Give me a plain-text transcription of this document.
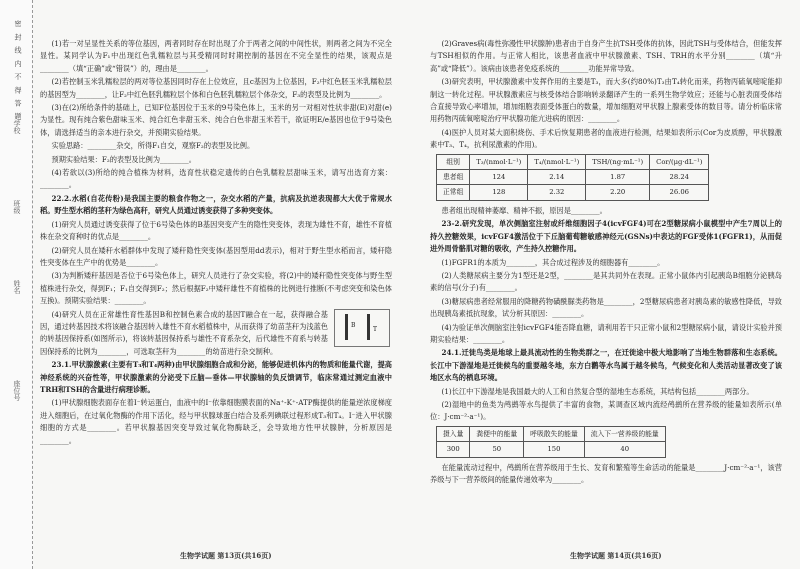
密 封 线 内 不 得 答 题
学校
班级
姓名
座位号

(1)若一对呈显性关系的等位基因，两者同时存在时出现了介于两者之间的中间性状，则两者之间为不完全显性。某同学认为F₁中出现红色乳糯粒层与其受精同时时期控制的基因在不完全显性的结果，该观点是________（填“正确”或“错误”）的，理由是________。

(2)若控制玉米乳糯粒层的两对等位基因同时存在上位效应，且c基因为上位基因，F₂中红色胚玉米乳糯粒层的基因型为________，让F₂中红色胚乳糯粒层个体和白色胚乳糯粒层个体杂交，F₃的表型及比例为________。

(3)在(2)所给条件的基础上，已知F位基因位于玉米的9号染色体上，玉米的另一对相对性状非甜(E)对甜(e)为显性。现有纯合紫色甜味玉米、纯合红色非甜玉米、纯合白色非甜玉米若干，欲证明E/e基因也位于9号染色体，请选择适当的亲本进行杂交，并预期实验结果。

实验思路：________杂交，所得F₁自交，观察F₂的表型及比例。

预期实验结果：F₂的表型及比例为________。

(4)若欲以(3)所给的纯合植株为材料，选育性状稳定遗传的白色乳糯粒层甜味玉米，请写出选育方案：________。

22.2.水稻(自花传粉)是我国主要的粮食作物之一，杂交水稻的产量，抗病及抗逆表现都大大优于常规水稻。野生型水稻的茎秆为绿色高秆，研究人员通过诱变获得了多种突变体。

(1)研究人员通过诱变获得了位于6号染色体的B基因突变产生的隐性突变体，表现为雄性不育，雄性不育植株在杂交育种时的优点是________。

(2)研究人员在矮秆水稻群体中发现了矮秆隐性突变体(基因型用dd表示)，相对于野生型水稻而言，矮秆隐性突变体在生产中的优势是________。

(3)为判断矮秆基因是否位于6号染色体上，研究人员进行了杂交实验，将(2)中的矮秆隐性突变体与野生型植株进行杂交，得到F₁；F₁自交得到F₂；然后根据F₂中矮秆雄性不育植株的比例进行推断(不考虑突变和染色体互换)。预期实验结果：________。

B
T

(4)研究人员在正常雄性育性基因B和控制色素合成的基因T融合在一起，获得融合基因，通过转基因技术将该融合基因转入雄性不育水稻植株中，从而获得了幼苗茎秆为浅蓝色的转基因保持系(如图所示)，将该转基因保持系与雄性不育系杂交，后代雄性不育系与转基因保持系的比例为________，可选取茎秆为________的幼苗进行杂交制种。

23.1.甲状腺激素(主要有T₃和T₄两种)由甲状腺细胞合成和分泌，能够促进机体内的物质和能量代谢，提高神经系统的兴奋性等，甲状腺激素的分泌受下丘脑—垂体—甲状腺轴的负反馈调节，临床常通过测定血液中TRH和TSH的含量进行病理诊断。

(1)甲状腺细胞表面存在着I⁻转运蛋白，血液中的I⁻依靠细胞膜表面的Na⁺-K⁺-ATP酶提供的能量逆浓度梯度进入细胞后，在过氧化物酶的作用下活化，经与甲状腺球蛋白结合及系列碘联过程形成T₃和T₄。I⁻进入甲状腺细胞的方式是________。若甲状腺基因突变导致过氧化物酶缺乏，会导致地方性甲状腺肿，分析原因是________。

(2)Graves病(毒性弥漫性甲状腺肿)患者由于自身产生抗TSH受体的抗体，因此TSH与受体结合，但能发挥与TSH相似的作用。与正常人相比，该患者血液中甲状腺激素、TSH、TRH的水平分别________（填“升高”或“降低”）。该病由该患者免疫系统的________功能异常导致。

(3)研究表明，甲状腺激素中发挥作用的主要是T₃，而大多(约80%)T₃由T₄转化而来，药物丙硫氧嘧啶能抑制这一转化过程。甲状腺激素应与核受体结合影响转录翻译产生的一系列生物学效应；还能与心脏表面受体结合直接导致心率增加，增加细胞表面受体蛋白的数量，增加细胞对甲状腺上腺素受体的数目等。请分析临床常用药物丙硫氧嘧啶治疗甲状腺功能亢进病的原因：________。

(4)医护人员对某大面积烧伤、手术后恢复期患者的血液进行检测，结果如表所示(Cor为皮质醇，甲状腺激素中T₃、T₄，抗利尿激素的作用)。

组别	T₃/(nmol·L⁻¹)	T₄/(nmol·L⁻¹)	TSH/(ng·mL⁻¹)	Cor/(μg·dL⁻¹)
患者组	124	2.14	1.87	28.24
正常组	128	2.32	2.20	26.06

患者组出现精神萎靡、精神不振，原因是________。

23-2.研究发现，单次侧脑室注射或纤维细胞因子4(icvFGF4)可在2型糖尿病小鼠模型中产生7周以上的持久控糖效果，icvFGF4激活位于下丘脑葡萄糖敏感神经元(GSNs)中表达的FGF受体1(FGFR1)，从而促进外周骨骼肌对糖的吸收，产生持久控糖作用。

(1)FGFR1的本质为________，其合成过程涉及的细胞器有________。

(2)人类糖尿病主要分为1型还是2型，________是其共同外在表现。正常小鼠体内引起胰岛B细胞分泌胰岛素的信号(分子)有________。

(3)糖尿病患者经常服用的降糖药物磺酰脲类药物是________，2型糖尿病患者对胰岛素的敏感性降低，导致出现胰岛素抵抗现象，试分析其原因：________。

(4)为验证单次侧脑室注射icvFGF4能否降血糖，请利用若干只正常小鼠和2型糖尿病小鼠，请设计实验并预期实验结果：________。

24.1.迁徙鸟类是地球上最具流动性的生物类群之一，在迁徙途中极大地影响了当地生物群落和生态系统。长江中下游湿地是迁徙候鸟的重要越冬地，东方白鹳等水鸟属于越冬候鸟，气候变化和人类活动显著改变了该地区水鸟的栖息环境。

(1)长江中下游湿地是我国最大的人工和自然复合型的湿地生态系统，其结构包括________两部分。

(2)湿地中的鱼类为鸬鹚等水鸟提供了丰富的食物，某调查区域内流经鸬鹚所在营养级的能量如表所示(单位：J·cm⁻²·a⁻¹)。

摄入量	粪便中的能量	呼吸散失的能量	流入下一营养级的能量
300	50	150	40

在能量流动过程中，鸬鹚所在营养级用于生长、发育和繁殖等生命活动的能量是________J·cm⁻²·a⁻¹，该营养级与下一营养级间的能量传递效率为________。

生物学试题 第13页(共16页)	生物学试题 第14页(共16页)
